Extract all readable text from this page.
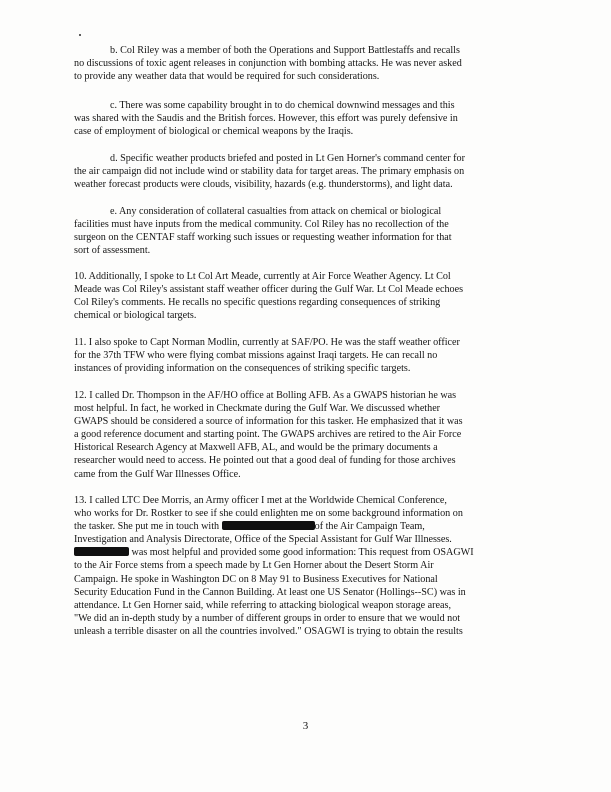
b. Col Riley was a member of both the Operations and Support Battlestaffs and recalls
no discussions of toxic agent releases in conjunction with bombing attacks. He was never asked
to provide any weather data that would be required for such considerations.
c. There was some capability brought in to do chemical downwind messages and this
was shared with the Saudis and the British forces. However, this effort was purely defensive in
case of employment of biological or chemical weapons by the Iraqis.
d. Specific weather products briefed and posted in Lt Gen Horner's command center for
the air campaign did not include wind or stability data for target areas. The primary emphasis on
weather forecast products were clouds, visibility, hazards (e.g. thunderstorms), and light data.
e. Any consideration of collateral casualties from attack on chemical or biological
facilities must have inputs from the medical community. Col Riley has no recollection of the
surgeon on the CENTAF staff working such issues or requesting weather information for that
sort of assessment.
10. Additionally, I spoke to Lt Col Art Meade, currently at Air Force Weather Agency. Lt Col
Meade was Col Riley's assistant staff weather officer during the Gulf War. Lt Col Meade echoes
Col Riley's comments. He recalls no specific questions regarding consequences of striking
chemical or biological targets.
11. I also spoke to Capt Norman Modlin, currently at SAF/PO. He was the staff weather officer
for the 37th TFW who were flying combat missions against Iraqi targets. He can recall no
instances of providing information on the consequences of striking specific targets.
12. I called Dr. Thompson in the AF/HO office at Bolling AFB. As a GWAPS historian he was
most helpful. In fact, he worked in Checkmate during the Gulf War. We discussed whether
GWAPS should be considered a source of information for this tasker. He emphasized that it was
a good reference document and starting point. The GWAPS archives are retired to the Air Force
Historical Research Agency at Maxwell AFB, AL, and would be the primary documents a
researcher would need to access. He pointed out that a good deal of funding for those archives
came from the Gulf War Illnesses Office.
13. I called LTC Dee Morris, an Army officer I met at the Worldwide Chemical Conference,
who works for Dr. Rostker to see if she could enlighten me on some background information on
the tasker. She put me in touch with	of the Air Campaign Team,
Investigation and Analysis Directorate, Office of the Special Assistant for Gulf War Illnesses.
was most helpful and provided some good information: This request from OSAGWI
to the Air Force stems from a speech made by Lt Gen Horner about the Desert Storm Air
Campaign. He spoke in Washington DC on 8 May 91 to Business Executives for National
Security Education Fund in the Cannon Building. At least one US Senator (Hollings--SC) was in
attendance. Lt Gen Horner said, while referring to attacking biological weapon storage areas,
"We did an in-depth study by a number of different groups in order to ensure that we would not
unleash a terrible disaster on all the countries involved." OSAGWI is trying to obtain the results
3
